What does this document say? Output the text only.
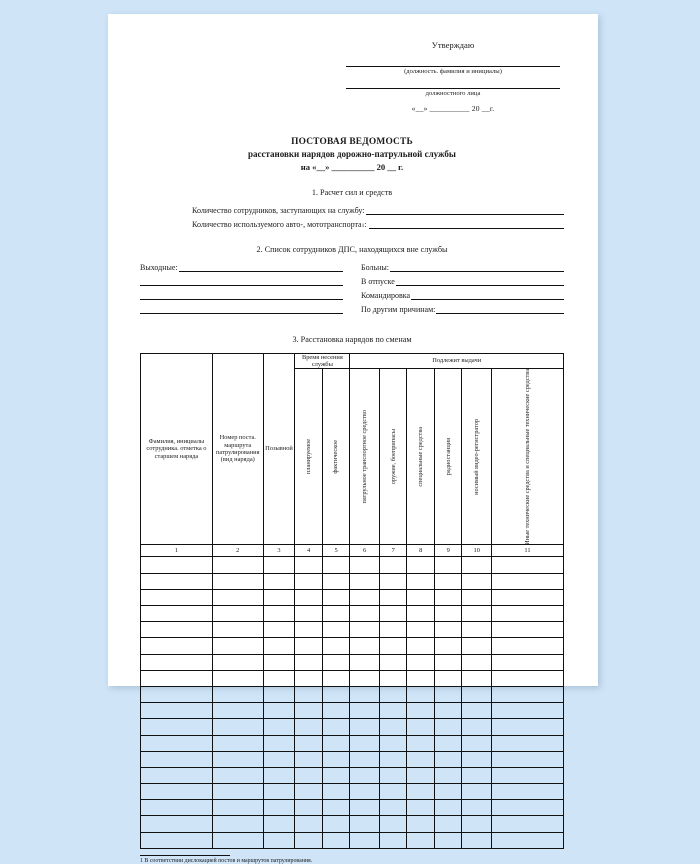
Утверждаю
(должность. фамилия и инициалы)
должностного лица
«__» __________ 20 __г.
ПОСТОВАЯ ВЕДОМОСТЬ
расстановки нарядов дорожно-патрульной службы
на «__» __________ 20 __ г.
1. Расчет сил и средств
Количество сотрудников, заступающих на службу:
Количество используемого авто-, мототранспорта 1 :
2. Список сотрудников ДПС, находящихся вне службы
Выходные:	Больны:
В отпуске
Командировка
По другим причинам:
3. Расстановка нарядов по сменам
Фамилия, инициалы сотрудника. отметка о старшем наряда	Номер поста. маршрута патрулирования (вид наряда)	Позывной	Время несения службы		Подлежит выдачи					

			планируемое	фактическое	патрульное транспортное средство	оружие, боеприпасы	специальные средства	радиостанция	носимый видео-регистратор	Иные технические средства и специальные технические средства

1	2	3	4	5	6	7	8	9	10	11

1 В соответствии дислокацией постов и маршрутов патрулирования.
